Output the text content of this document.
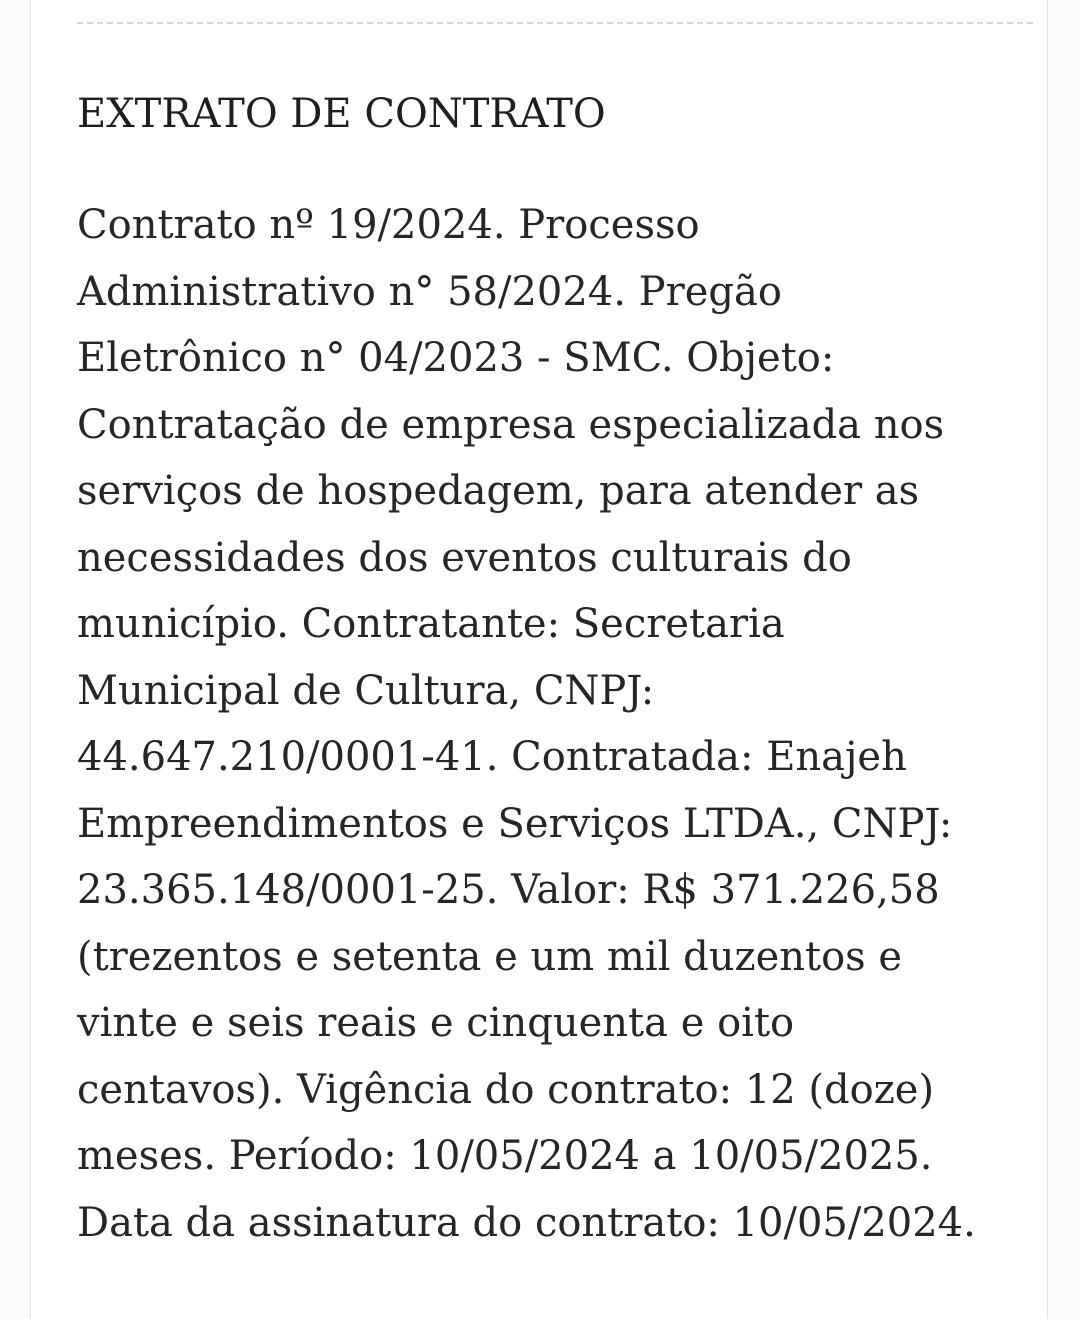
EXTRATO DE CONTRATO

Contrato nº 19/2024. Processo
Administrativo n° 58/2024. Pregão
Eletrônico n° 04/2023 - SMC. Objeto:
Contratação de empresa especializada nos
serviços de hospedagem, para atender as
necessidades dos eventos culturais do
município. Contratante: Secretaria
Municipal de Cultura, CNPJ:
44.647.210/0001-41. Contratada: Enajeh
Empreendimentos e Serviços LTDA., CNPJ:
23.365.148/0001-25. Valor: R$ 371.226,58
(trezentos e setenta e um mil duzentos e
vinte e seis reais e cinquenta e oito
centavos). Vigência do contrato: 12 (doze)
meses. Período: 10/05/2024 a 10/05/2025.
Data da assinatura do contrato: 10/05/2024.
